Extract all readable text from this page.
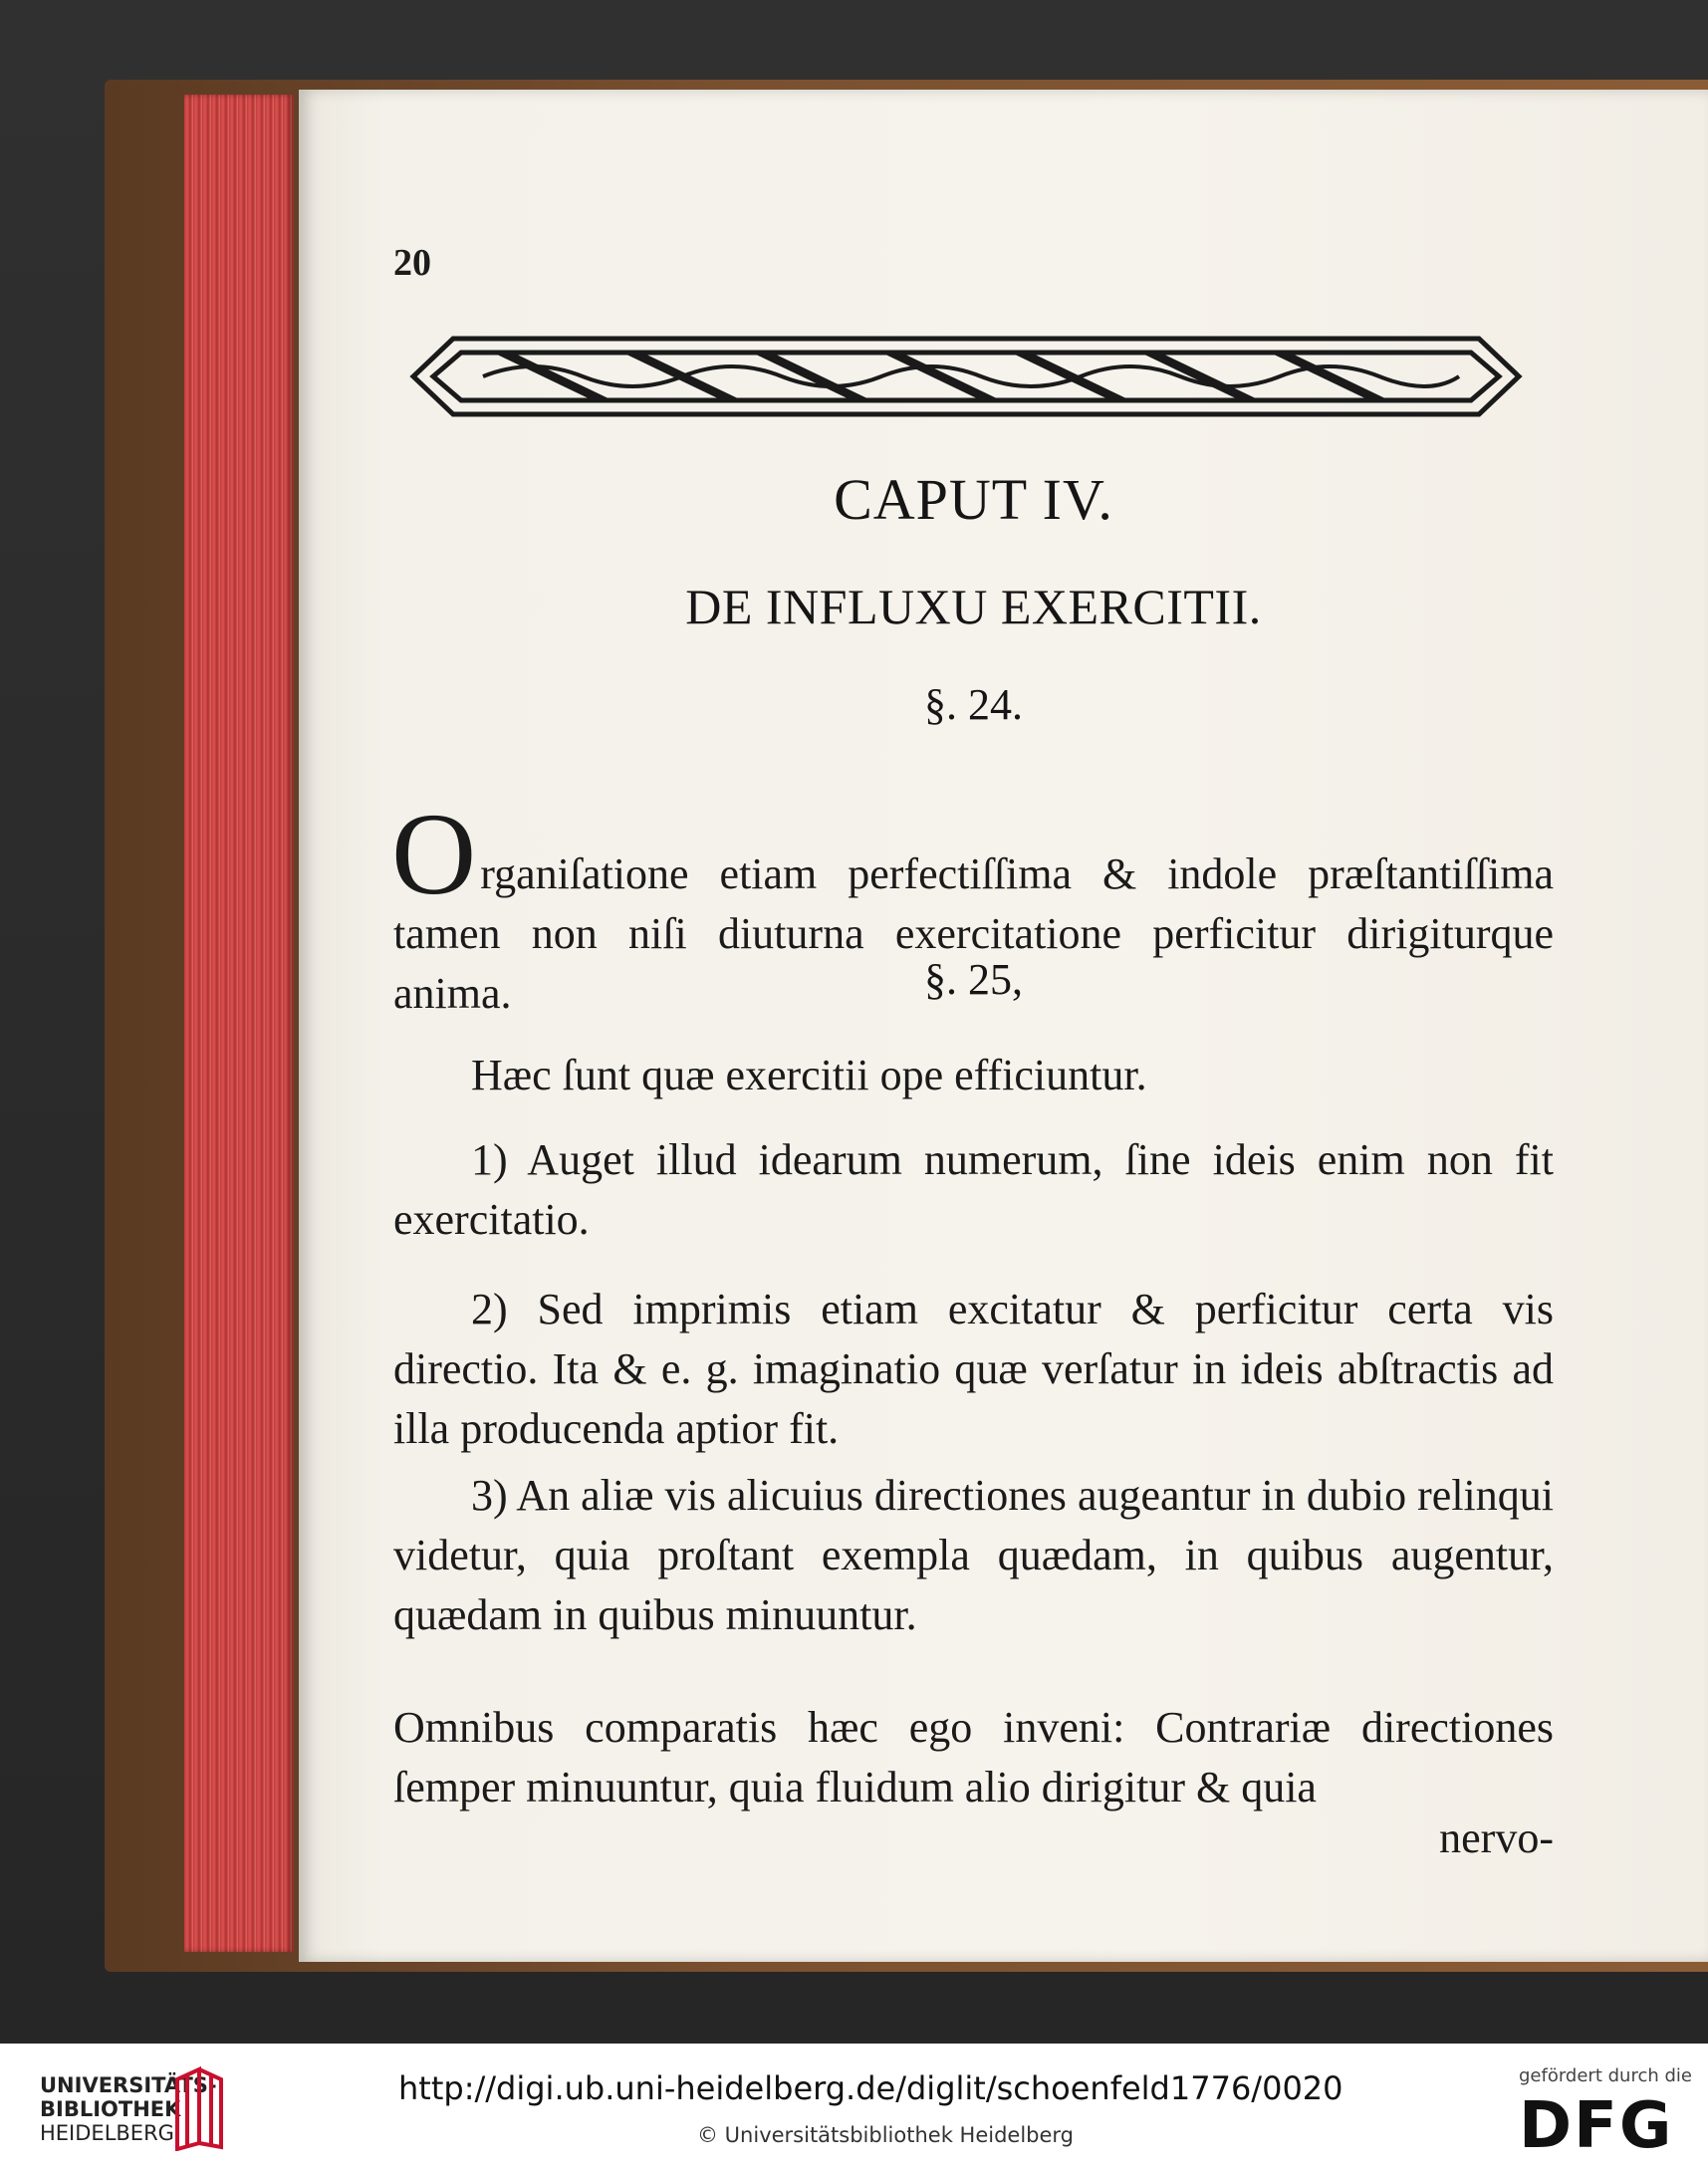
20
CAPUT IV.
DE INFLUXU EXERCITII.
§. 24.
O rganiſatione etiam perfectiſſima & indole præſtantiſſima tamen non niſi diuturna exercitatione perficitur dirigiturque anima.	§. 25,
Hæc ſunt quæ exercitii ope efficiuntur.
1) Auget illud idearum numerum, ſine ideis enim non fit exercitatio.
2) Sed imprimis etiam excitatur & perficitur certa vis directio. Ita & e. g. imaginatio quæ verſatur in ideis abſtractis ad illa producenda aptior fit.
3) An aliæ vis alicuius directiones augeantur in dubio relinqui videtur, quia proſtant exempla quædam, in quibus augentur, quædam in quibus minuuntur.
Omnibus comparatis hæc ego inveni: Contrariæ directiones ſemper minuuntur, quia fluidum alio dirigitur & quia
nervo-
UNIVERSITÄTS-
BIBLIOTHEK
HEIDELBERG
http://digi.ub.uni-heidelberg.de/diglit/schoenfeld1776/0020
© Universitätsbibliothek Heidelberg
gefördert durch die
DFG
